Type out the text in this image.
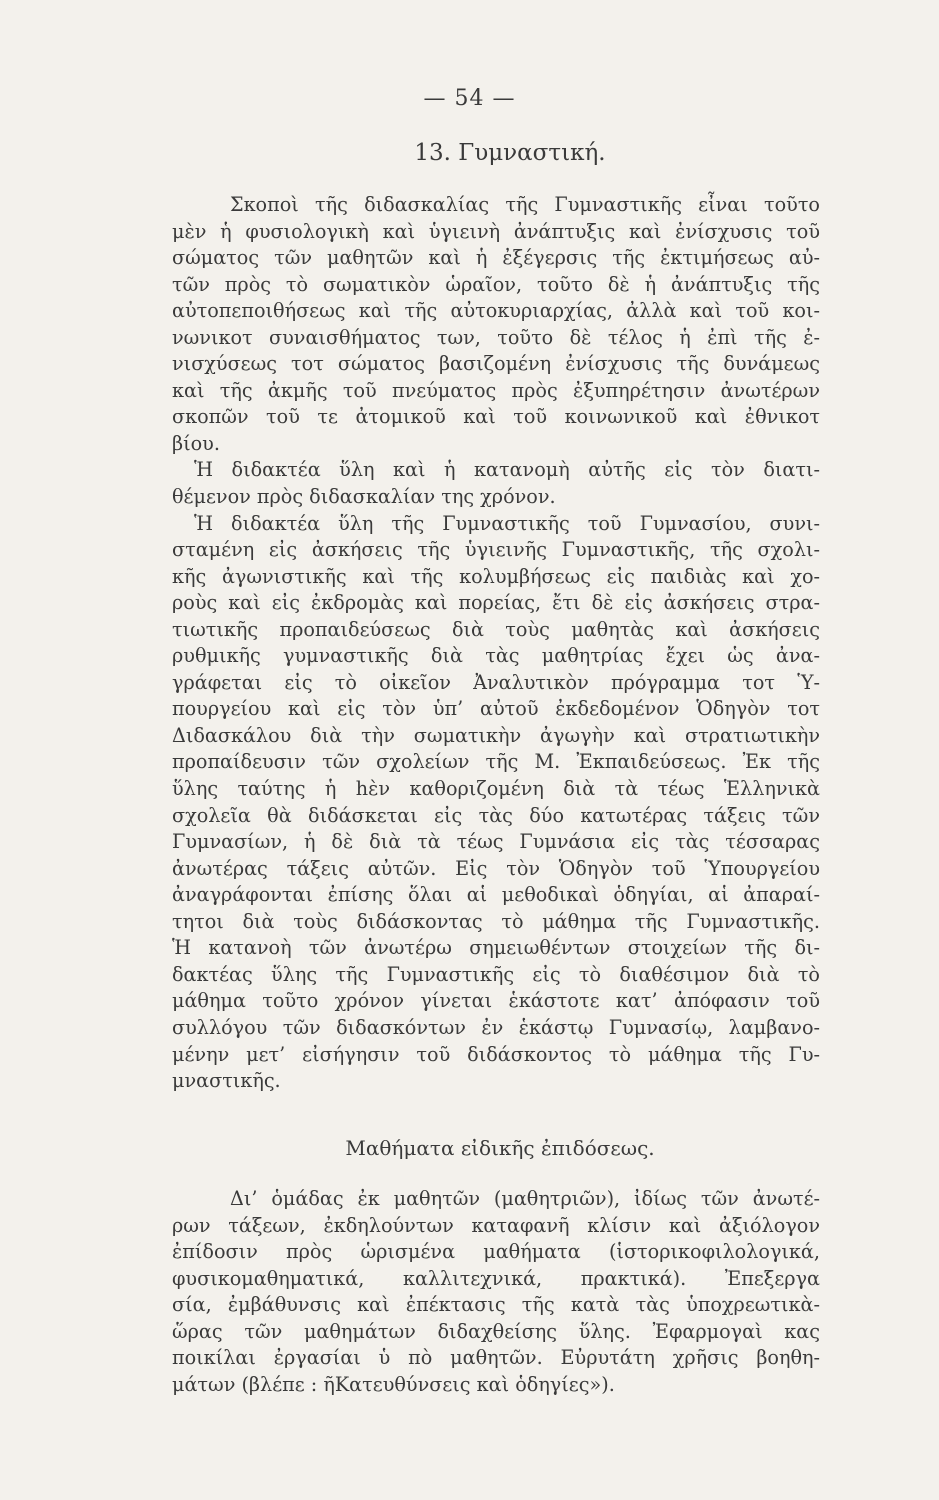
— 54 —
13. Γυμναστική.
Σκοποὶ τῆς διδασκαλίας τῆς Γυμναστικῆς εἶναι τοῦτο
μὲν ἡ φυσιολογικὴ καὶ ὑγιεινὴ ἀνάπτυξις καὶ ἐνίσχυσις τοῦ
σώματος τῶν μαθητῶν καὶ ἡ ἐξέγερσις τῆς ἐκτιμήσεως αὐ-
τῶν πρὸς τὸ σωματικὸν ὡραῖον, τοῦτο δὲ ἡ ἀνάπτυξις τῆς
αὐτοπεποιθήσεως καὶ τῆς αὐτοκυριαρχίας, ἀλλὰ καὶ τοῦ κοι-
νωνικοτ συναισθήματος των, τοῦτο δὲ τέλος ἡ ἐπὶ τῆς ἐ-
νισχύσεως τοτ σώματος βασιζομένη ἐνίσχυσις τῆς δυνάμεως
καὶ τῆς ἀκμῆς τοῦ πνεύματος πρὸς ἐξυπηρέτησιν ἀνωτέρων
σκοπῶν τοῦ τε ἀτομικοῦ καὶ τοῦ κοινωνικοῦ καὶ ἐθνικοτ
βίου.
Ἡ διδακτέα ὕλη καὶ ἡ κατανομὴ αὐτῆς εἰς τὸν διατι-
θέμενον πρὸς διδασκαλίαν της χρόνον.
Ἡ διδακτέα ὕλη τῆς Γυμναστικῆς τοῦ Γυμνασίου, συνι-
σταμένη εἰς ἀσκήσεις τῆς ὑγιεινῆς Γυμναστικῆς, τῆς σχολι-
κῆς ἀγωνιστικῆς καὶ τῆς κολυμβήσεως εἰς παιδιὰς καὶ χο-
ροὺς καὶ εἰς ἐκδρομὰς καὶ πορείας, ἔτι δὲ εἰς ἀσκήσεις στρα-
τιωτικῆς προπαιδεύσεως διὰ τοὺς μαθητὰς καὶ ἀσκήσεις
ρυθμικῆς γυμναστικῆς διὰ τὰς μαθητρίας ἔχει ὡς ἀνα-
γράφεται εἰς τὸ οἰκεῖον Ἀναλυτικὸν πρόγραμμα τοτ Ὑ-
πουργείου καὶ εἰς τὸν ὑπ’ αὐτοῦ ἐκδεδομένον Ὁδηγὸν τοτ
Διδασκάλου διὰ τὴν σωματικὴν ἀγωγὴν καὶ στρατιωτικὴν
προπαίδευσιν τῶν σχολείων τῆς Μ. Ἐκπαιδεύσεως. Ἐκ τῆς
ὕλης ταύτης ἡ hὲν καθοριζομένη διὰ τὰ τέως Ἑλληνικὰ
σχολεῖα θὰ διδάσκεται εἰς τὰς δύο κατωτέρας τάξεις τῶν
Γυμνασίων, ἡ δὲ διὰ τὰ τέως Γυμνάσια εἰς τὰς τέσσαρας
ἀνωτέρας τάξεις αὐτῶν. Εἰς τὸν Ὁδηγὸν τοῦ Ὑπουργείου
ἀναγράφονται ἐπίσης ὅλαι αἱ μεθοδικαὶ ὁδηγίαι, αἱ ἀπαραί-
τητοι διὰ τοὺς διδάσκοντας τὸ μάθημα τῆς Γυμναστικῆς.
Ἡ κατανοὴ τῶν ἀνωτέρω σημειωθέντων στοιχείων τῆς δι-
δακτέας ὕλης τῆς Γυμναστικῆς εἰς τὸ διαθέσιμον διὰ τὸ
μάθημα τοῦτο χρόνον γίνεται ἑκάστοτε κατ’ ἀπόφασιν τοῦ
συλλόγου τῶν διδασκόντων ἐν ἑκάστῳ Γυμνασίῳ, λαμβανο-
μένην μετ’ εἰσήγησιν τοῦ διδάσκοντος τὸ μάθημα τῆς Γυ-
μναστικῆς.
Μαθήματα εἰδικῆς ἐπιδόσεως.
Δι’ ὁμάδας ἐκ μαθητῶν (μαθητριῶν), ἰδίως τῶν ἀνωτέ-
ρων τάξεων, ἐκδηλούντων καταφανῆ κλίσιν καὶ ἀξιόλογον
ἐπίδοσιν πρὸς ὡρισμένα μαθήματα (ἱστορικοφιλολογικά,
φυσικομαθηματικά, καλλιτεχνικά, πρακτικά). Ἐπεξεργα
σία, ἐμβάθυνσις καὶ ἐπέκτασις τῆς κατὰ τὰς ὑποχρεωτικὰ-
ὥρας τῶν μαθημάτων διδαχθείσης ὕλης. Ἐφαρμογαὶ κας
ποικίλαι ἐργασίαι ὑ πὸ μαθητῶν. Εὐρυτάτη χρῆσις βοηθη-
μάτων (βλέπε : ῆΚατευθύνσεις καὶ ὁδηγίες»).
